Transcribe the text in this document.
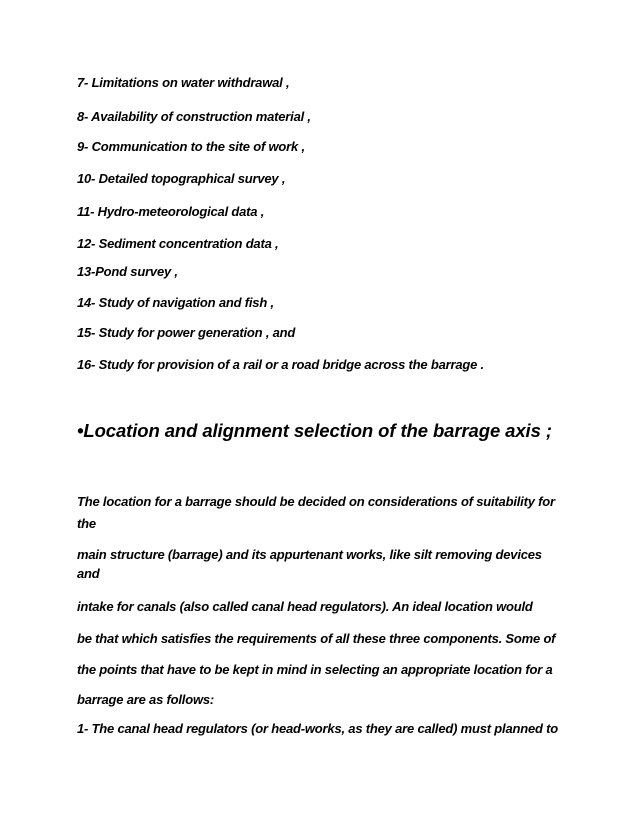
7- Limitations on water withdrawal ,
8- Availability of construction material ,
9- Communication to the site of work ,
10- Detailed topographical survey ,
11- Hydro-meteorological data ,
12- Sediment concentration data ,
13-Pond survey ,
14- Study of navigation and fish ,
15- Study for power generation , and
16- Study for provision of a rail or a road bridge across the barrage .
•Location and alignment selection of the barrage axis ;
The location for a barrage should be decided on considerations of suitability for
the
main structure (barrage) and its appurtenant works, like silt removing devices
and
intake for canals (also called canal head regulators). An ideal location would
be that which satisfies the requirements of all these three components. Some of
the points that have to be kept in mind in selecting an appropriate location for a
barrage are as follows:
1- The canal head regulators (or head-works, as they are called) must planned to
